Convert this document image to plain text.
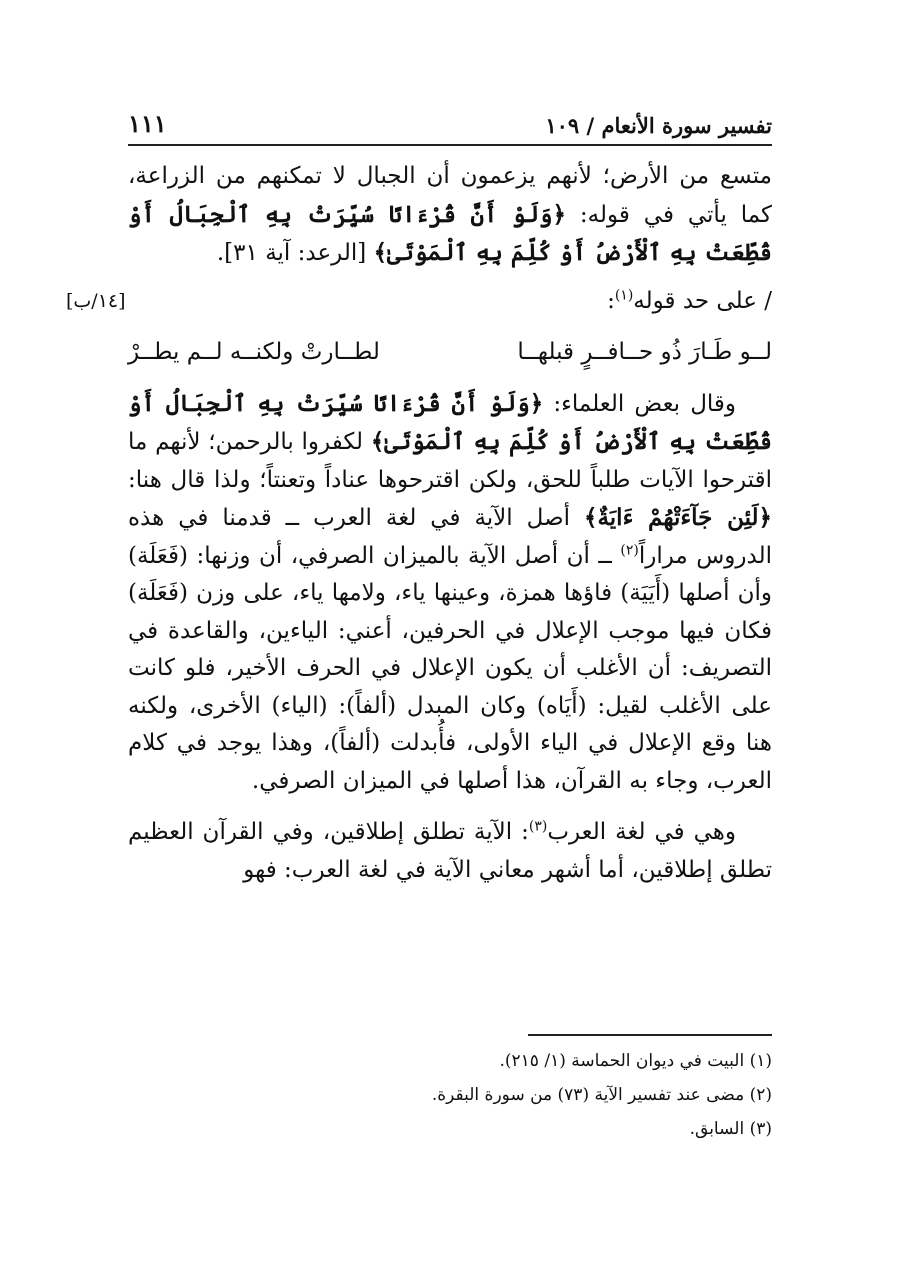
تفسير سورة الأنعام / ١٠٩
١١١

متسع من الأرض؛ لأنهم يزعمون أن الجبال لا تمكنهم من الزراعة، كما يأتي في قوله: ﴿وَلَوْ أَنَّ قُرْءَانًا سُيِّرَتْ بِهِ ٱلْجِبَالُ أَوْ قُطِّعَتْ بِهِ ٱلْأَرْضُ أَوْ كُلِّمَ بِهِ ٱلْمَوْتَىٰ﴾ [الرعد: آية ٣١].

[١٤/ب]	/ على حد قوله$^{(١)}$:
لــو طَـارَ ذُو حــافــرٍ قبلهــا
لطــارتْ ولكنــه لــم يطــرْ

وقال بعض العلماء: ﴿وَلَوْ أَنَّ قُرْءَانًا سُيِّرَتْ بِهِ ٱلْجِبَالُ أَوْ قُطِّعَتْ بِهِ ٱلْأَرْضُ أَوْ كُلِّمَ بِهِ ٱلْمَوْتَىٰ﴾ لكفروا بالرحمن؛ لأنهم ما اقترحوا الآيات طلباً للحق، ولكن اقترحوها عناداً وتعنتاً؛ ولذا قال هنا: ﴿لَئِن جَآءَتْهُمْ ءَايَةٌ﴾ أصل الآية في لغة العرب ــ قدمنا في هذه الدروس مراراً$^{(٢)}$ ــ أن أصل الآية بالميزان الصرفي، أن وزنها: (فَعَلَة) وأن أصلها (أَيَيَة) فاؤها همزة، وعينها ياء، ولامها ياء، على وزن (فَعَلَة) فكان فيها موجب الإعلال في الحرفين، أعني: الياءين، والقاعدة في التصريف: أن الأغلب أن يكون الإعلال في الحرف الأخير، فلو كانت على الأغلب لقيل: (أَيَاه) وكان المبدل (ألفاً): (الياء) الأخرى، ولكنه هنا وقع الإعلال في الياء الأولى، فأُبدلت (ألفاً)، وهذا يوجد في كلام العرب، وجاء به القرآن، هذا أصلها في الميزان الصرفي.

وهي في لغة العرب$^{(٣)}$: الآية تطلق إطلاقين، وفي القرآن العظيم تطلق إطلاقين، أما أشهر معاني الآية في لغة العرب: فهو

(١) البيت في ديوان الحماسة (١/ ٢١٥).
(٢) مضى عند تفسير الآية (٧٣) من سورة البقرة.
(٣) السابق.
